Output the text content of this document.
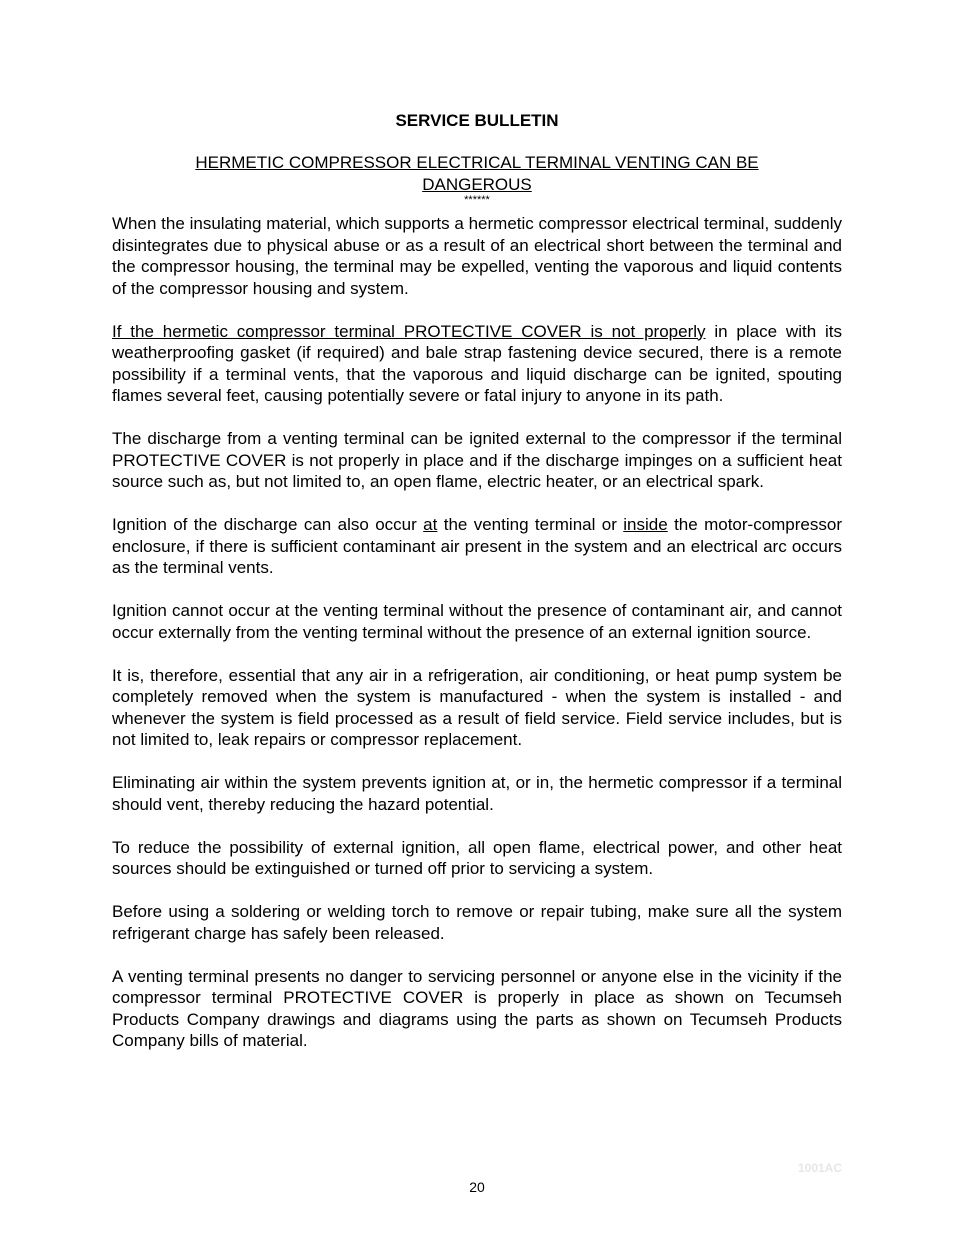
SERVICE BULLETIN
HERMETIC COMPRESSOR ELECTRICAL TERMINAL VENTING CAN BE DANGEROUS
******

When the insulating material, which supports a hermetic compressor electrical terminal, suddenly disintegrates due to physical abuse or as a result of an electrical short between the terminal and the compressor housing, the terminal may be expelled, venting the vaporous and liquid contents of the compressor housing and system.

If the hermetic compressor terminal PROTECTIVE COVER is not properly in place with its weatherproofing gasket (if required) and bale strap fastening device secured, there is a remote possibility if a terminal vents, that the vaporous and liquid discharge can be ignited, spouting flames several feet, causing potentially severe or fatal injury to anyone in its path.

The discharge from a venting terminal can be ignited external to the compressor if the terminal PROTECTIVE COVER is not properly in place and if the discharge impinges on a sufficient heat source such as, but not limited to, an open flame, electric heater, or an electrical spark.

Ignition of the discharge can also occur at the venting terminal or inside the motor-compressor enclosure, if there is sufficient contaminant air present in the system and an electrical arc occurs as the terminal vents.

Ignition cannot occur at the venting terminal without the presence of contaminant air, and cannot occur externally from the venting terminal without the presence of an external ignition source.

It is, therefore, essential that any air in a refrigeration, air conditioning, or heat pump system be completely removed when the system is manufactured - when the system is installed - and whenever the system is field processed as a result of field service. Field service includes, but is not limited to, leak repairs or compressor replacement.

Eliminating air within the system prevents ignition at, or in, the hermetic compressor if a terminal should vent, thereby reducing the hazard potential.

To reduce the possibility of external ignition, all open flame, electrical power, and other heat sources should be extinguished or turned off prior to servicing a system.

Before using a soldering or welding torch to remove or repair tubing, make sure all the system refrigerant charge has safely been released.

A venting terminal presents no danger to servicing personnel or anyone else in the vicinity if the compressor terminal PROTECTIVE COVER is properly in place as shown on Tecumseh Products Company drawings and diagrams using the parts as shown on Tecumseh Products Company bills of material.

1001AC
20
